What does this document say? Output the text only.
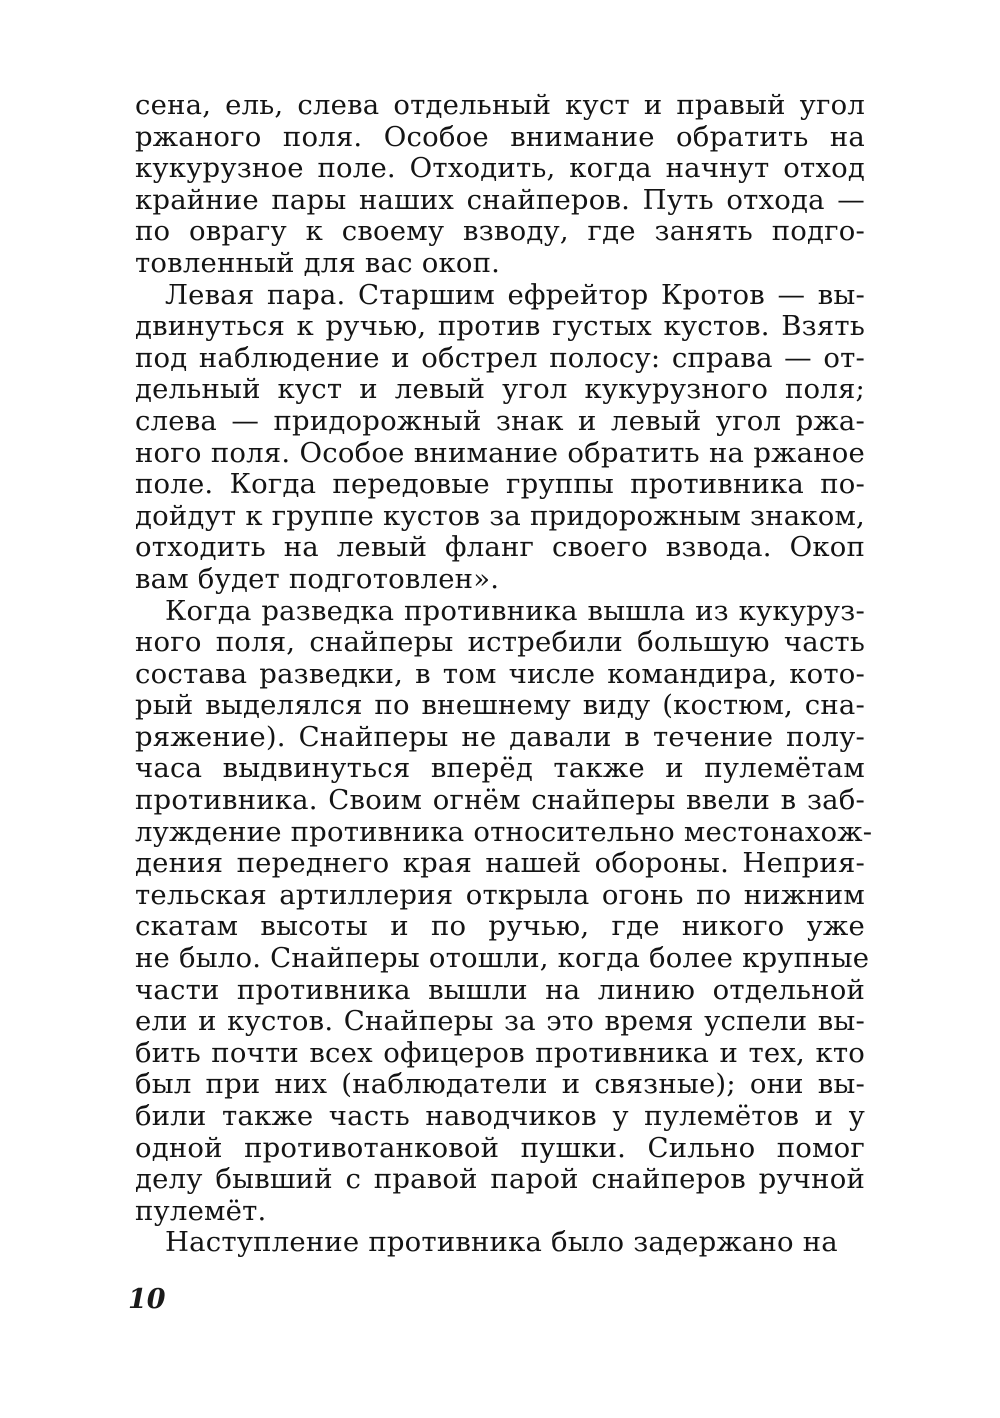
сена, ель, слева отдельный куст и правый угол
ржаного поля. Особое внимание обратить на
кукурузное поле. Отходить, когда начнут отход
крайние пары наших снайперов. Путь отхода —
по оврагу к своему взводу, где занять подго-
товленный для вас окоп.
Левая пара. Старшим ефрейтор Кротов — вы-
двинуться к ручью, против густых кустов. Взять
под наблюдение и обстрел полосу: справа — от-
дельный куст и левый угол кукурузного поля;
слева — придорожный знак и левый угол ржа-
ного поля. Особое внимание обратить на ржаное
поле. Когда передовые группы противника по-
дойдут к группе кустов за придорожным знаком,
отходить на левый фланг своего взвода. Окоп
вам будет подготовлен».
Когда разведка противника вышла из кукуруз-
ного поля, снайперы истребили большую часть
состава разведки, в том числе командира, кото-
рый выделялся по внешнему виду (костюм, сна-
ряжение). Снайперы не давали в течение полу-
часа выдвинуться вперёд также и пулемётам
противника. Своим огнём снайперы ввели в заб-
луждение противника относительно местонахож-
дения переднего края нашей обороны. Неприя-
тельская артиллерия открыла огонь по нижним
скатам высоты и по ручью, где никого уже
не было. Снайперы отошли, когда более крупные
части противника вышли на линию отдельной
ели и кустов. Снайперы за это время успели вы-
бить почти всех офицеров противника и тех, кто
был при них (наблюдатели и связные); они вы-
били также часть наводчиков у пулемётов и у
одной противотанковой пушки. Сильно помог
делу бывший с правой парой снайперов ручной
пулемёт.
Наступление противника было задержано на
10
